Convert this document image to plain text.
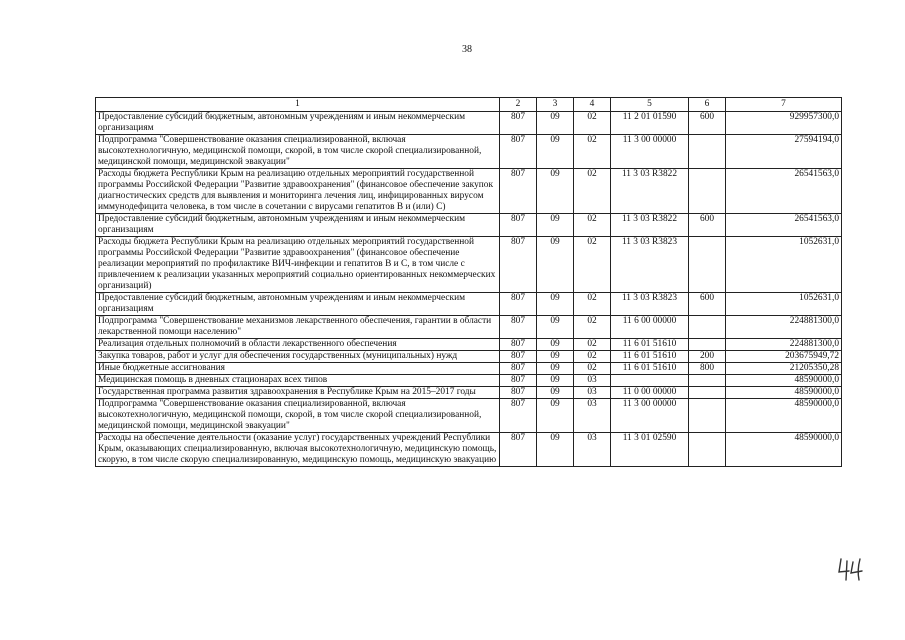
38
1	2	3	4	5	6	7
Предоставление субсидий бюджетным, автономным учреждениям и иным некоммерческим организациям	807	09	02	11 2 01 01590	600	929957300,0
Подпрограмма "Совершенствование оказания специализированной, включая высокотехнологичную, медицинской помощи, скорой, в том числе скорой специализированной, медицинской помощи, медицинской эвакуации"	807	09	02	11 3 00 00000		27594194,0
Расходы бюджета Республики Крым на реализацию отдельных мероприятий государственной программы Российской Федерации "Развитие здравоохранения" (финансовое обеспечение закупок диагностических средств для выявления и мониторинга лечения лиц, инфицированных вирусом иммунодефицита человека, в том числе в сочетании с вирусами гепатитов В и (или) С)	807	09	02	11 3 03 R3822		26541563,0
Предоставление субсидий бюджетным, автономным учреждениям и иным некоммерческим организациям	807	09	02	11 3 03 R3822	600	26541563,0
Расходы бюджета Республики Крым на реализацию отдельных мероприятий государственной программы Российской Федерации "Развитие здравоохранения" (финансовое обеспечение реализации мероприятий по профилактике ВИЧ-инфекции и гепатитов В и С, в том числе с привлечением к реализации указанных мероприятий социально ориентированных некоммерческих организаций)	807	09	02	11 3 03 R3823		1052631,0
Предоставление субсидий бюджетным, автономным учреждениям и иным некоммерческим организациям	807	09	02	11 3 03 R3823	600	1052631,0
Подпрограмма "Совершенствование механизмов лекарственного обеспечения, гарантии в области лекарственной помощи населению"	807	09	02	11 6 00 00000		224881300,0
Реализация отдельных полномочий в области лекарственного обеспечения	807	09	02	11 6 01 51610		224881300,0
Закупка товаров, работ и услуг для обеспечения государственных (муниципальных) нужд	807	09	02	11 6 01 51610	200	203675949,72
Иные бюджетные ассигнования	807	09	02	11 6 01 51610	800	21205350,28
Медицинская помощь в дневных стационарах всех типов	807	09	03			48590000,0
Государственная программа развития здравоохранения в Республике Крым на 2015–2017 годы	807	09	03	11 0 00 00000		48590000,0
Подпрограмма "Совершенствование оказания специализированной, включая высокотехнологичную, медицинской помощи, скорой, в том числе скорой специализированной, медицинской помощи, медицинской эвакуации"	807	09	03	11 3 00 00000		48590000,0
Расходы на обеспечение деятельности (оказание услуг) государственных учреждений Республики Крым, оказывающих специализированную, включая высокотехнологичную, медицинскую помощь, скорую, в том числе скорую специализированную, медицинскую помощь, медицинскую эвакуацию	807	09	03	11 3 01 02590		48590000,0
